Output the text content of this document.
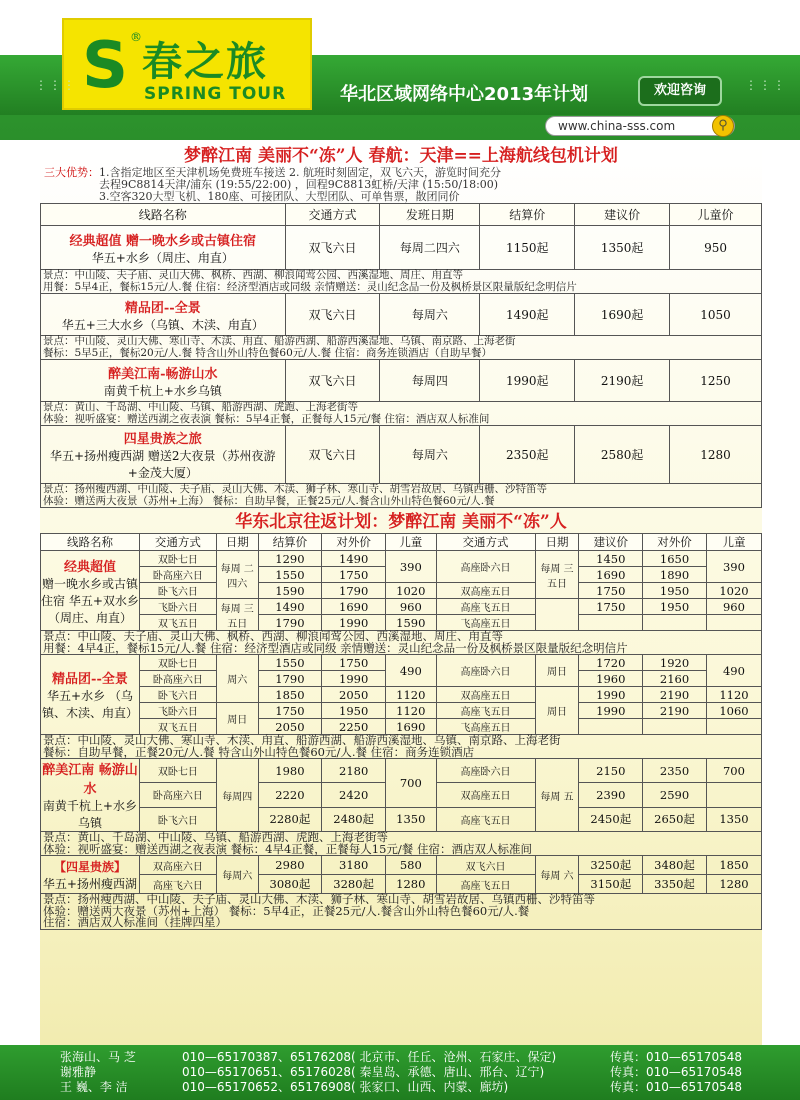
S ®
春之旅
SPRING TOUR
⋮⋮⋮	⋮⋮⋮
华北区域网络中心2013年计划	欢迎咨询
www.china-sss.com	⚲
梦醉江南 美丽不“冻”人 春航：天津==上海航线包机计划
三大优势：1.含指定地区至天津机场免费班车接送 2. 航班时刻固定，双飞六天，游览时间充分
去程9C8814天津/浦东 (19:55/22:00) ，回程9C8813虹桥/天津 (15:50/18:00)
3.空客320大型飞机、180座、可接团队、大型团队、可单售票，散团同价
线路名称	交通方式	发班日期	结算价	建议价	儿童价

经典超值 赠一晚水乡或古镇住宿
华五+水乡（周庄、甪直）	双飞六日	每周二四六	1150起	1350起	950

景点：中山陵、夫子庙、灵山大佛、枫桥、西湖、柳浪闻莺公园、西溪湿地、周庄、甪直等
用餐：5早4正，餐标15元/人.餐 住宿：经济型酒店或同级 亲情赠送：灵山纪念品一份及枫桥景区限量版纪念明信片					

精品团--全景
华五+三大水乡（乌镇、木渎、甪直）	双飞六日	每周六	1490起	1690起	1050

景点：中山陵、灵山大佛、寒山寺、木渎、甪直、船游西湖、船游西溪湿地、乌镇、南京路、上海老街
餐标：5早5正，餐标20元/人.餐 特含山外山特色餐60元/人.餐 住宿：商务连锁酒店（自助早餐）					

醉美江南-畅游山水
南黄千杭上+水乡乌镇	双飞六日	每周四	1990起	2190起	1250

景点：黄山、千岛湖、中山陵、乌镇、船游西湖、虎跑、上海老街等
体验：视听盛宴：赠送西湖之夜表演 餐标：5早4正餐，正餐每人15元/餐 住宿：酒店双人标准间					

四星贵族之旅
华五+扬州瘦西湖 赠送2大夜景（苏州夜游+金茂大厦）	双飞六日	每周六	2350起	2580起	1280

景点：扬州瘦西湖、中山陵、夫子庙、灵山大佛、木渎、狮子林、寒山寺、胡雪岩故居、乌镇西栅、沙特笛等
体验：赠送两大夜景（苏州+上海） 餐标：自助早餐，正餐25元/人.餐含山外山特色餐60元/人.餐					
华东北京往返计划：梦醉江南 美丽不“冻”人
线路名称	交通方式	日期	结算价	对外价	儿童	交通方式	日期	建议价	对外价	儿童

经典超值
赠一晚水乡或古镇住宿 华五+双水乡 （周庄、甪直）	双卧七日	每周 二四六	1290	1490	390	高座卧六日	每周 三五日	1450	1650	390
	卧高座六日		1550	1750				1690	1890	
	卧飞六日		1590	1790	1020	双高座五日		1750	1950	1020
	飞卧六日	每周 三五日	1490	1690	960	高座飞五日		1750	1950	960
	双飞五日		1790	1990	1590	飞高座五日				

景点：中山陵、夫子庙、灵山大佛、枫桥、西湖、柳浪闻莺公园、西溪湿地、周庄、甪直等
用餐：4早4正，餐标15元/人.餐 住宿：经济型酒店或同级 亲情赠送：灵山纪念品一份及枫桥景区限量版纪念明信片										

精品团--全景
华五+水乡 （乌镇、木渎、甪直）	双卧七日	周六	1550	1750	490	高座卧六日	周日	1720	1920	490
	卧高座六日		1790	1990				1960	2160	
	卧飞六日		1850	2050	1120	双高座五日	周日	1990	2190	1120
	飞卧六日	周日	1750	1950	1120	高座飞五日		1990	2190	1060
	双飞五日		2050	2250	1690	飞高座五日				

景点：中山陵、灵山大佛、寒山寺、木渎、甪直、船游西湖、船游西溪湿地、乌镇、南京路、上海老街
餐标：自助早餐，正餐20元/人.餐 特含山外山特色餐60元/人.餐 住宿：商务连锁酒店										

醉美江南 畅游山水
南黄千杭上+水乡乌镇	双卧七日	每周四	1980	2180	700	高座卧六日	每周 五	2150	2350	700
	卧高座六日		2220	2420		双高座五日		2390	2590	
	卧飞六日		2280起	2480起	1350	高座飞五日		2450起	2650起	1350

景点：黄山、千岛湖、中山陵、乌镇、船游西湖、虎跑、上海老街等
体验：视听盛宴：赠送西湖之夜表演 餐标：4早4正餐，正餐每人15元/餐 住宿：酒店双人标准间										

【四星贵族】
华五+扬州瘦西湖	双高座六日	每周六	2980	3180	580	双飞六日	每周 六	3250起	3480起	1850
	高座飞六日		3080起	3280起	1280	高座飞五日		3150起	3350起	1280

景点：扬州瘦西湖、中山陵、夫子庙、灵山大佛、木渎、狮子林、寒山寺、胡雪岩故居、乌镇西栅、沙特笛等
体验：赠送两大夜景（苏州+上海） 餐标：5早4正，正餐25元/人.餐含山外山特色餐60元/人.餐
住宿：酒店双人标准间（挂牌四星）										
张海山、马 芝	010—65170387、65176208( 北京市、任丘、沧州、石家庄、保定)	传真：010—65170548
谢雅静	010—65170651、65176028( 秦皇岛、承德、唐山、邢台、辽宁)	传真：010—65170548
王 巍、李 洁	010—65170652、65176908( 张家口、山西、内蒙、廊坊)	传真：010—65170548
